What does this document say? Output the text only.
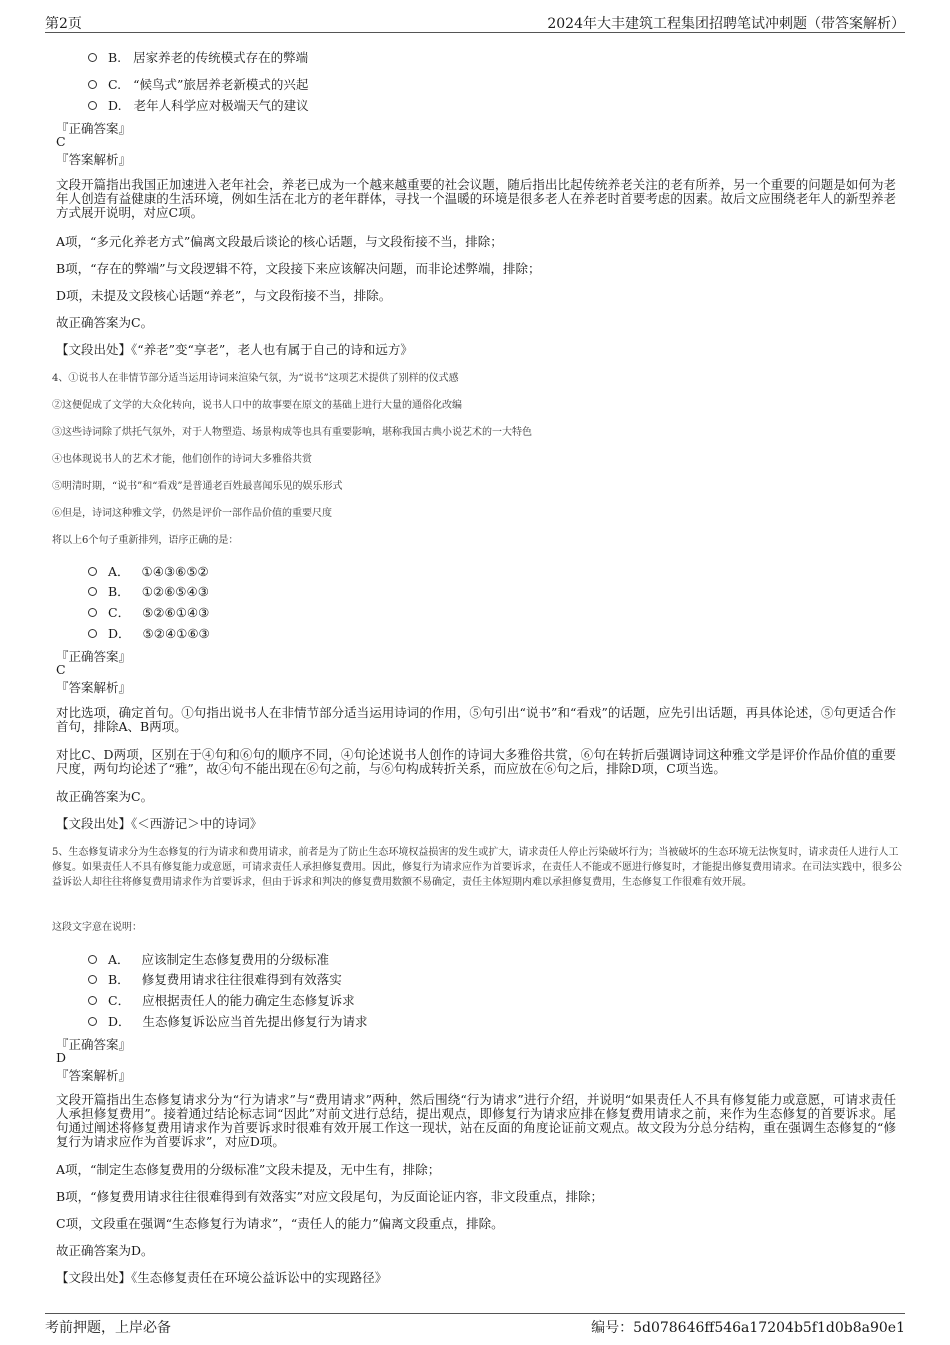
第2页	2024年大丰建筑工程集团招聘笔试冲刺题（带答案解析）
B. 居家养老的传统模式存在的弊端
C. “候鸟式”旅居养老新模式的兴起
D. 老年人科学应对极端天气的建议
『正确答案』
C
『答案解析』
文段开篇指出我国正加速进入老年社会，养老已成为一个越来越重要的社会议题，随后指出比起传统养老关注的老有所养，另一个重要的问题是如何为老年人创造有益健康的生活环境，例如生活在北方的老年群体，寻找一个温暖的环境是很多老人在养老时首要考虑的因素。故后文应围绕老年人的新型养老方式展开说明，对应C项。
A项，“多元化养老方式”偏离文段最后谈论的核心话题，与文段衔接不当，排除；
B项，“存在的弊端”与文段逻辑不符，文段接下来应该解决问题，而非论述弊端，排除；
D项，未提及文段核心话题“养老”，与文段衔接不当，排除。
故正确答案为C。
【文段出处】《“养老”变“享老”，老人也有属于自己的诗和远方》
4、①说书人在非情节部分适当运用诗词来渲染气氛，为“说书”这项艺术提供了别样的仪式感
②这便促成了文学的大众化转向，说书人口中的故事要在原文的基础上进行大量的通俗化改编
③这些诗词除了烘托气氛外，对于人物塑造、场景构成等也具有重要影响，堪称我国古典小说艺术的一大特色
④也体现说书人的艺术才能，他们创作的诗词大多雅俗共赏
⑤明清时期，“说书”和“看戏”是普通老百姓最喜闻乐见的娱乐形式
⑥但是，诗词这种雅文学，仍然是评价一部作品价值的重要尺度
将以上6个句子重新排列，语序正确的是：
A． ①④③⑥⑤②
B． ①②⑥⑤④③
C． ⑤②⑥①④③
D． ⑤②④①⑥③
『正确答案』
C
『答案解析』
对比选项，确定首句。①句指出说书人在非情节部分适当运用诗词的作用，⑤句引出“说书”和“看戏”的话题，应先引出话题，再具体论述，⑤句更适合作首句，排除A、B两项。
对比C、D两项，区别在于④句和⑥句的顺序不同，④句论述说书人创作的诗词大多雅俗共赏，⑥句在转折后强调诗词这种雅文学是评价作品价值的重要尺度，两句均论述了“雅”，故④句不能出现在⑥句之前，与⑥句构成转折关系，而应放在⑥句之后，排除D项，C项当选。
故正确答案为C。
【文段出处】《＜西游记＞中的诗词》
5、生态修复请求分为生态修复的行为请求和费用请求，前者是为了防止生态环境权益损害的发生或扩大，请求责任人停止污染破坏行为；当被破坏的生态环境无法恢复时，请求责任人进行人工修复。如果责任人不具有修复能力或意愿，可请求责任人承担修复费用。因此，修复行为请求应作为首要诉求，在责任人不能或不愿进行修复时，才能提出修复费用请求。在司法实践中，很多公益诉讼人却往往将修复费用请求作为首要诉求，但由于诉求和判决的修复费用数额不易确定，责任主体短期内难以承担修复费用，生态修复工作很难有效开展。
这段文字意在说明：
A． 应该制定生态修复费用的分级标准
B． 修复费用请求往往很难得到有效落实
C． 应根据责任人的能力确定生态修复诉求
D． 生态修复诉讼应当首先提出修复行为请求
『正确答案』
D
『答案解析』
文段开篇指出生态修复请求分为“行为请求”与“费用请求”两种，然后围绕“行为请求”进行介绍，并说明“如果责任人不具有修复能力或意愿，可请求责任人承担修复费用”。接着通过结论标志词“因此”对前文进行总结，提出观点，即修复行为请求应排在修复费用请求之前，来作为生态修复的首要诉求。尾句通过阐述将修复费用请求作为首要诉求时很难有效开展工作这一现状，站在反面的角度论证前文观点。故文段为分总分结构，重在强调生态修复的“修复行为请求应作为首要诉求”，对应D项。
A项，“制定生态修复费用的分级标准”文段未提及，无中生有，排除；
B项，“修复费用请求往往很难得到有效落实”对应文段尾句，为反面论证内容，非文段重点，排除；
C项，文段重在强调“生态修复行为请求”，“责任人的能力”偏离文段重点，排除。
故正确答案为D。
【文段出处】《生态修复责任在环境公益诉讼中的实现路径》
考前押题，上岸必备	编号：5d078646ff546a17204b5f1d0b8a90e1
